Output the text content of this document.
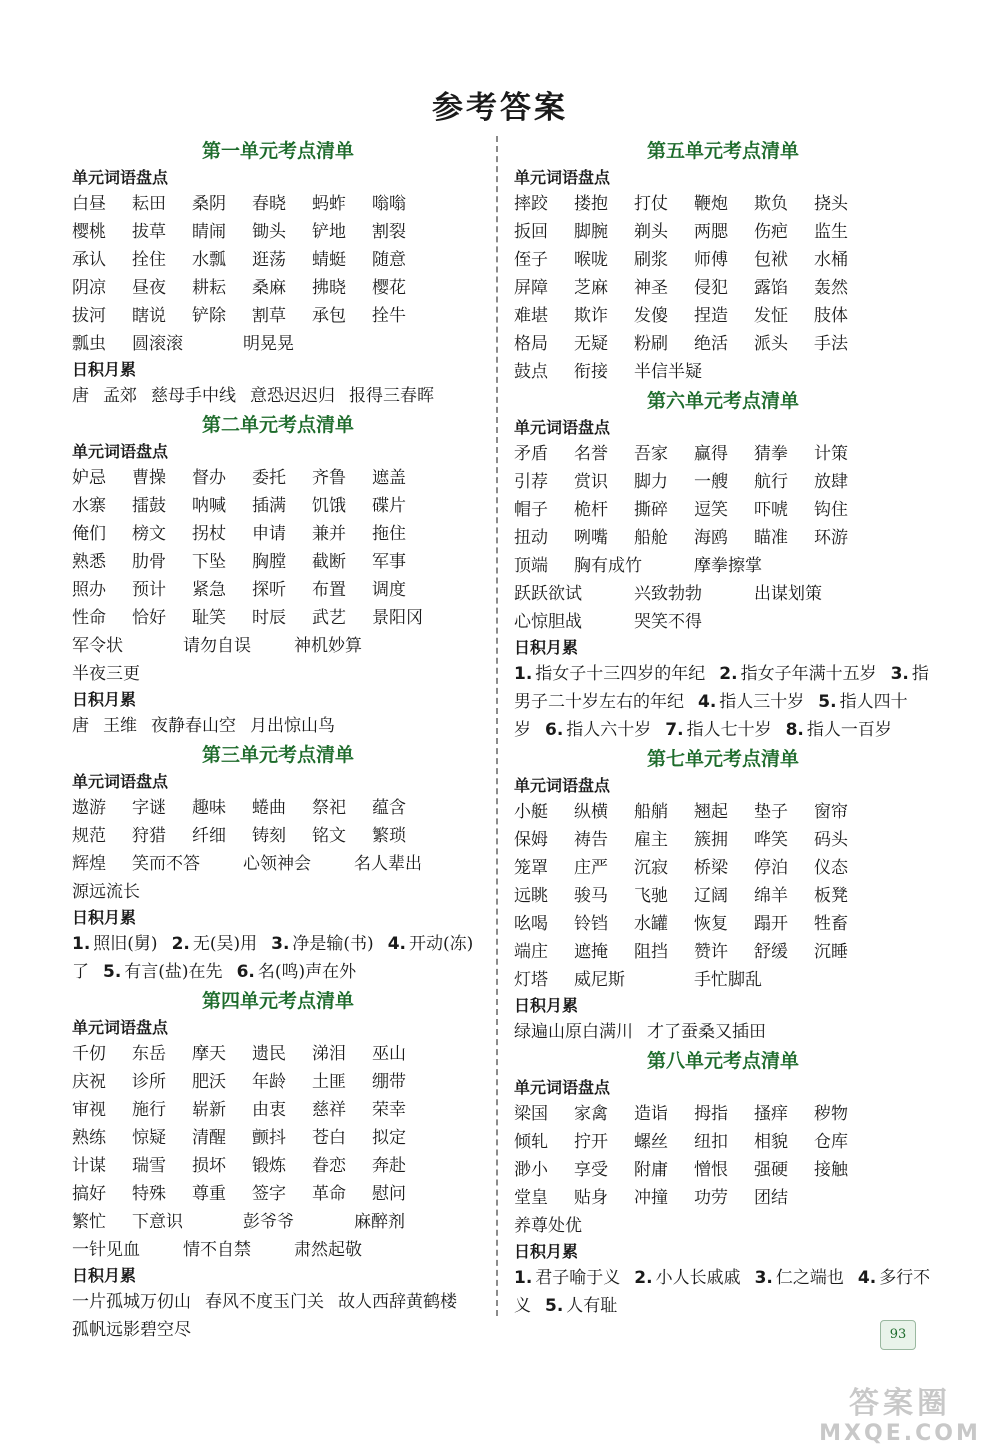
参考答案
第一单元考点清单
单元词语盘点
白昼	耘田	桑阴	春晓	蚂蚱	嗡嗡
樱桃	拔草	睛闹	锄头	铲地	割裂
承认	拴住	水瓢	逛荡	蜻蜓	随意
阴凉	昼夜	耕耘	桑麻	拂晓	樱花
拔河	瞎说	铲除	割草	承包	拴牛
瓢虫	圆滚滚	明晃晃
日积月累
唐 孟郊 慈母手中线 意恐迟迟归 报得三春晖
第二单元考点清单
单元词语盘点
妒忌	曹操	督办	委托	齐鲁	遮盖
水寨	擂鼓	呐喊	插满	饥饿	碟片
俺们	榜文	拐杖	申请	兼并	拖住
熟悉	肋骨	下坠	胸膛	截断	军事
照办	预计	紧急	探听	布置	调度
性命	恰好	耻笑	时辰	武艺	景阳冈
军令状	请勿自误	神机妙算
半夜三更
日积月累
唐 王维 夜静春山空 月出惊山鸟
第三单元考点清单
单元词语盘点
遨游	字谜	趣味	蜷曲	祭祀	蕴含
规范	狩猎	纤细	铸刻	铭文	繁琐
辉煌	笑而不答	心领神会	名人辈出
源远流长
日积月累
1. 照旧(舅) 2. 无(吴)用 3. 净是输(书) 4. 开动(冻)了 5. 有言(盐)在先 6. 名(鸣)声在外
第四单元考点清单
单元词语盘点
千仞	东岳	摩天	遗民	涕泪	巫山
庆祝	诊所	肥沃	年龄	土匪	绷带
审视	施行	崭新	由衷	慈祥	荣幸
熟练	惊疑	清醒	颤抖	苍白	拟定
计谋	瑞雪	损坏	锻炼	眷恋	奔赴
搞好	特殊	尊重	签字	革命	慰问
繁忙	下意识	彭爷爷	麻醉剂
一针见血	情不自禁	肃然起敬
日积月累
一片孤城万仞山 春风不度玉门关 故人西辞黄鹤楼孤帆远影碧空尽
第五单元考点清单
单元词语盘点
摔跤	搂抱	打仗	鞭炮	欺负	挠头
扳回	脚腕	剃头	两腮	伤疤	监生
侄子	喉咙	刷浆	师傅	包袱	水桶
屏障	芝麻	神圣	侵犯	露馅	轰然
难堪	欺诈	发傻	捏造	发怔	肢体
格局	无疑	粉刷	绝活	派头	手法
鼓点	衔接	半信半疑
第六单元考点清单
单元词语盘点
矛盾	名誉	吾家	赢得	猜拳	计策
引荐	赏识	脚力	一艘	航行	放肆
帽子	桅杆	撕碎	逗笑	吓唬	钩住
扭动	咧嘴	船舱	海鸥	瞄准	环游
顶端	胸有成竹	摩拳擦掌
跃跃欲试	兴致勃勃	出谋划策
心惊胆战	哭笑不得
日积月累
1. 指女子十三四岁的年纪 2. 指女子年满十五岁 3. 指男子二十岁左右的年纪 4. 指人三十岁 5. 指人四十岁 6. 指人六十岁 7. 指人七十岁 8. 指人一百岁
第七单元考点清单
单元词语盘点
小艇	纵横	船艄	翘起	垫子	窗帘
保姆	祷告	雇主	簇拥	哗笑	码头
笼罩	庄严	沉寂	桥梁	停泊	仪态
远眺	骏马	飞驰	辽阔	绵羊	板凳
吆喝	铃铛	水罐	恢复	蹋开	牲畜
端庄	遮掩	阻挡	赞许	舒缓	沉睡
灯塔	威尼斯	手忙脚乱
日积月累
绿遍山原白满川 才了蚕桑又插田
第八单元考点清单
单元词语盘点
梁国	家禽	造诣	拇指	搔痒	秽物
倾轧	拧开	螺丝	纽扣	相貌	仓库
渺小	享受	附庸	憎恨	强硬	接触
堂皇	贴身	冲撞	功劳	团结
养尊处优
日积月累
1. 君子喻于义 2. 小人长戚戚 3. 仁之端也 4. 多行不义 5. 人有耻
93
答案圈
MXQE.COM
